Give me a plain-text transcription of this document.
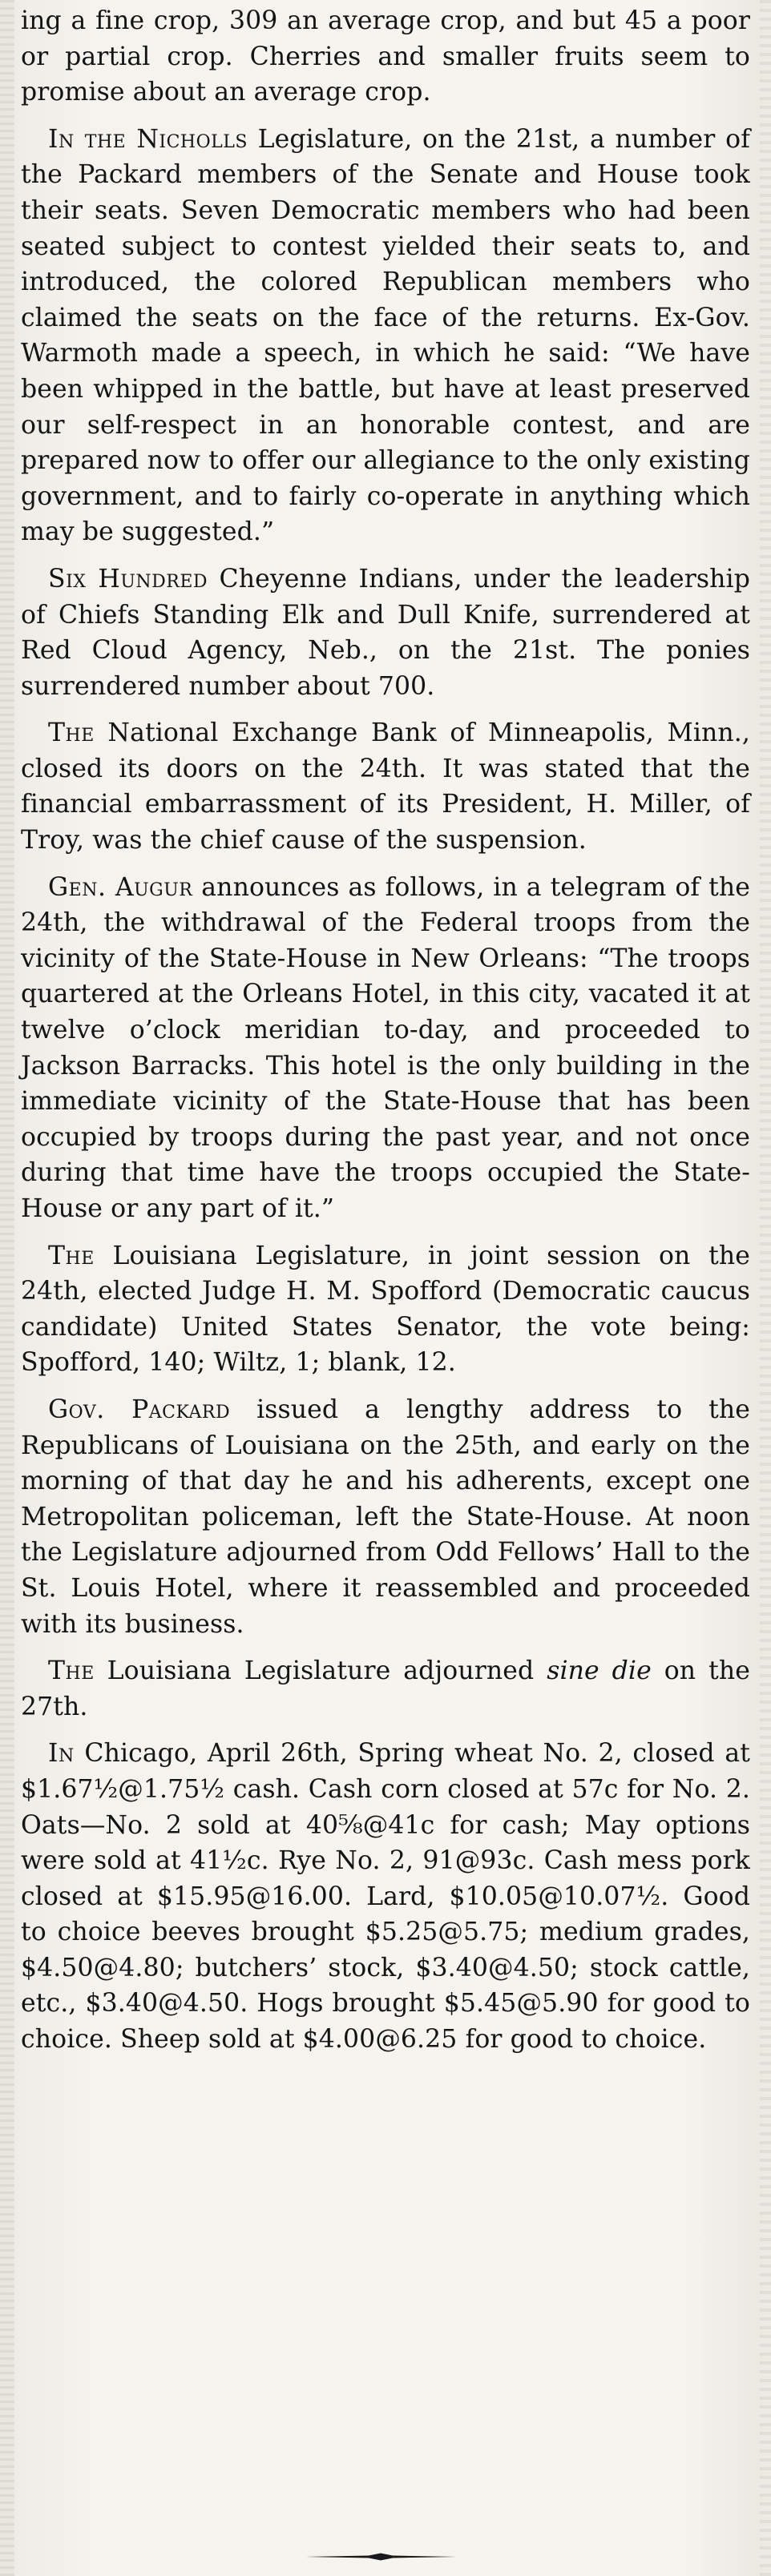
ing a fine crop, 309 an average crop, and but 45 a poor or partial crop. Cherries and smaller fruits seem to promise about an average crop.

In the Nicholls Legislature, on the 21st, a number of the Packard members of the Senate and House took their seats. Seven Democratic members who had been seated subject to contest yielded their seats to, and introduced, the colored Republican members who claimed the seats on the face of the returns. Ex-Gov. Warmoth made a speech, in which he said: “We have been whipped in the battle, but have at least preserved our self-respect in an honorable contest, and are prepared now to offer our allegiance to the only existing government, and to fairly co-operate in anything which may be suggested.”

Six Hundred Cheyenne Indians, under the leadership of Chiefs Standing Elk and Dull Knife, surrendered at Red Cloud Agency, Neb., on the 21st. The ponies surrendered number about 700.

The National Exchange Bank of Minneapolis, Minn., closed its doors on the 24th. It was stated that the financial embarrassment of its President, H. Miller, of Troy, was the chief cause of the suspension.

Gen. Augur announces as follows, in a telegram of the 24th, the withdrawal of the Federal troops from the vicinity of the State-House in New Orleans: “The troops quartered at the Orleans Hotel, in this city, vacated it at twelve o’clock meridian to-day, and proceeded to Jackson Barracks. This hotel is the only building in the immediate vicinity of the State-House that has been occupied by troops during the past year, and not once during that time have the troops occupied the State-House or any part of it.”

The Louisiana Legislature, in joint session on the 24th, elected Judge H. M. Spofford (Democratic caucus candidate) United States Senator, the vote being: Spofford, 140; Wiltz, 1; blank, 12.

Gov. Packard issued a lengthy address to the Republicans of Louisiana on the 25th, and early on the morning of that day he and his adherents, except one Metropolitan policeman, left the State-House. At noon the Legislature adjourned from Odd Fellows’ Hall to the St. Louis Hotel, where it reassembled and proceeded with its business.

The Louisiana Legislature adjourned sine die on the 27th.

In Chicago, April 26th, Spring wheat No. 2, closed at $1.67½@1.75½ cash. Cash corn closed at 57c for No. 2. Oats—No. 2 sold at 40⅝@41c for cash; May options were sold at 41½c. Rye No. 2, 91@93c. Cash mess pork closed at $15.95@16.00. Lard, $10.05@10.07½. Good to choice beeves brought $5.25@5.75; medium grades, $4.50@4.80; butchers’ stock, $3.40@4.50; stock cattle, etc., $3.40@4.50. Hogs brought $5.45@5.90 for good to choice. Sheep sold at $4.00@6.25 for good to choice.
